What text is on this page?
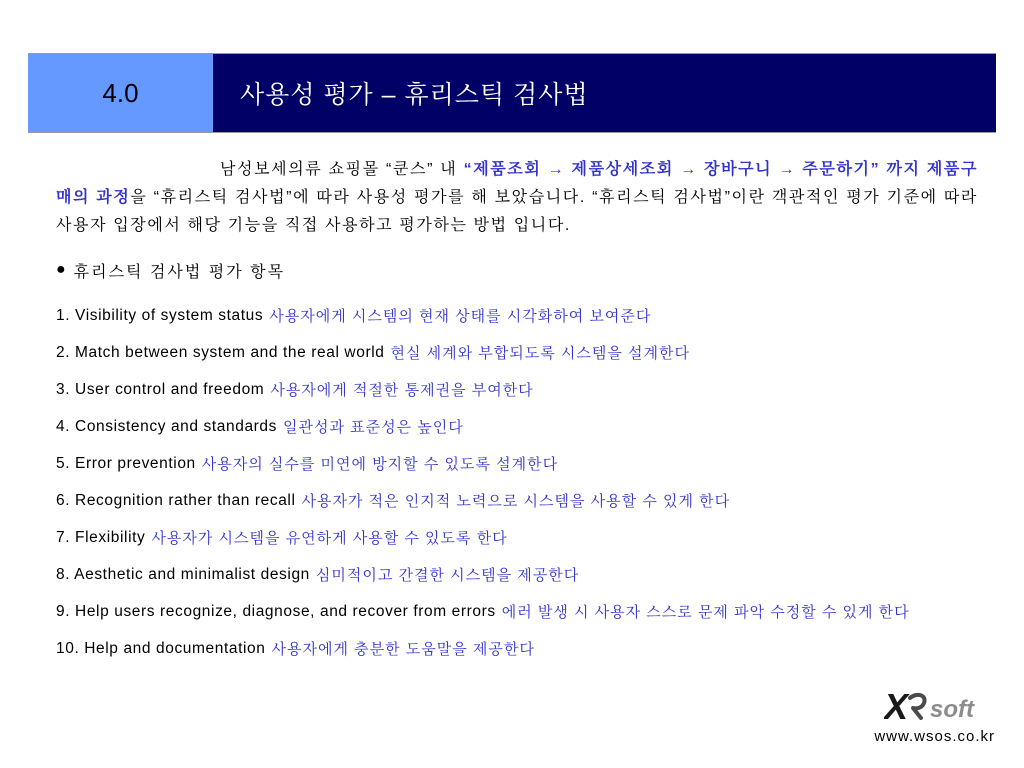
4.0	사용성 평가 – 휴리스틱 검사법

남성보세의류 쇼핑몰 “쿤스” 내 “제품조회 → 제품상세조회 → 장바구니 → 주문하기” 까지 제품구매의 과정을 “휴리스틱 검사법”에 따라 사용성 평가를 해 보았습니다. “휴리스틱 검사법”이란 객관적인 평가 기준에 따라 사용자 입장에서 해당 기능을 직접 사용하고 평가하는 방법 입니다.

● 휴리스틱 검사법 평가 항목
1. Visibility of system status 사용자에게 시스템의 현재 상태를 시각화하여 보여준다
2. Match between system and the real world 현실 세계와 부합되도록 시스템을 설계한다
3. User control and freedom 사용자에게 적절한 통제권을 부여한다
4. Consistency and standards 일관성과 표준성은 높인다
5. Error prevention 사용자의 실수를 미연에 방지할 수 있도록 설계한다
6. Recognition rather than recall 사용자가 적은 인지적 노력으로 시스템을 사용할 수 있게 한다
7. Flexibility 사용자가 시스템을 유연하게 사용할 수 있도록 한다
8. Aesthetic and minimalist design 심미적이고 간결한 시스템을 제공한다
9. Help users recognize, diagnose, and recover from errors 에러 발생 시 사용자 스스로 문제 파악 수정할 수 있게 한다
10. Help and documentation 사용자에게 충분한 도움말을 제공한다
X soft
www.wsos.co.kr
